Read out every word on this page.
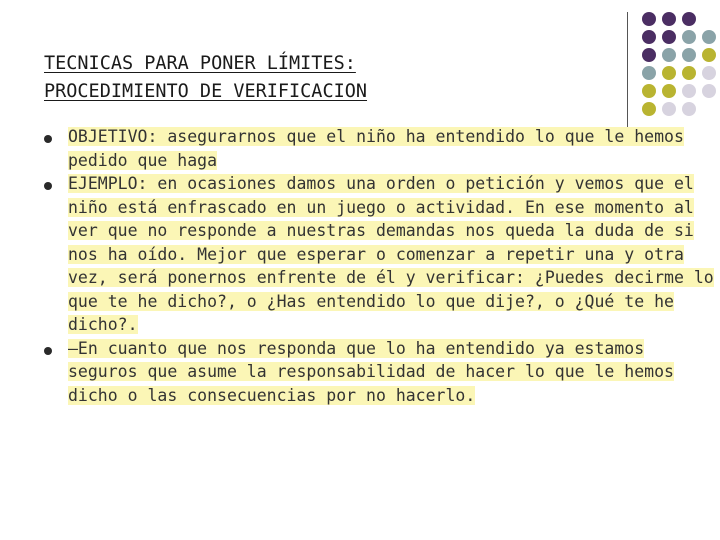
TECNICAS PARA PONER LÍMITES:
PROCEDIMIENTO DE VERIFICACION
OBJETIVO: asegurarnos que el niño ha entendido lo que le hemos pedido que haga
EJEMPLO: en ocasiones damos una orden o petición y vemos que el niño está enfrascado en un juego o actividad. En ese momento al ver que no responde a nuestras demandas nos queda la duda de si nos ha oído. Mejor que esperar o comenzar a repetir una y otra vez, será ponernos enfrente de él y verificar: ¿Puedes decirme lo que te he dicho?, o ¿Has entendido lo que dije?, o ¿Qué te he dicho?.
–En cuanto que nos responda que lo ha entendido ya estamos seguros que asume la responsabilidad de hacer lo que le hemos dicho o las consecuencias por no hacerlo.
